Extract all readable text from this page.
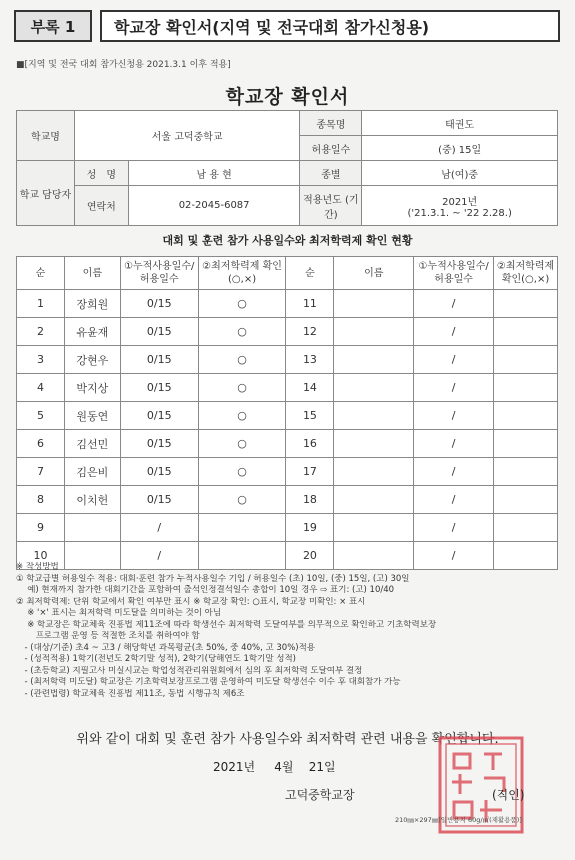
부록 1	학교장 확인서(지역 및 전국대회 참가신청용)
■[지역 및 전국 대회 참가신청용 2021.3.1 이후 적용]
학교장 확인서
학교명	서울 고덕중학교		종목명	태권도
			허용일수	(중) 15일
학교 담당자	성　명	남 용 현	종별	남(여)중
	연락처	02-2045-6087	적용년도 (기간)	2021년
('21.3.1. ~ '22 2.28.)
대회 및 훈련 참가 사용일수와 최저학력제 확인 현황
순	이름	①누적사용일수/ 허용일수	②최저학력제 확인(○,×)	순	이름	①누적사용일수/ 허용일수	②최저학력제 확인(○,×)
1	장희원	0/15	○	11		/	
2	유윤재	0/15	○	12		/	
3	강현우	0/15	○	13		/	
4	박지상	0/15	○	14		/	
5	원동연	0/15	○	15		/	
6	김선민	0/15	○	16		/	
7	김은비	0/15	○	17		/	
8	이치헌	0/15	○	18		/	
9		/		19		/	
10		/		20		/	
※ 작성방법
① 학교급별 허용일수 적용: 대회·훈련 참가 누적사용일수 기입 / 허용일수 (초) 10일, (중) 15일, (고) 30일
　 예) 현재까지 참가한 대회기간을 포함하여 출석인정결석일수 총합이 10일 경우 ⇨ 표기: (고) 10/40
② 최저학력제: 단위 학교에서 확인 여부만 표시 ※ 학교장 확인: ○표시, 학교장 미확인: × 표시
　 ※ '×' 표시는 최저학력 미도달을 의미하는 것이 아님
　 ※ 학교장은 학교체육 진흥법 제11조에 따라 학생선수 최저학력 도달여부를 의무적으로 확인하고 기초학력보장
　　 프로그램 운영 등 적절한 조치를 취하여야 함
　- (대상/기준) 초4 ~ 고3 / 해당학년 과목평균(초 50%, 중 40%, 고 30%)적용
　- (성적적용) 1학기(전년도 2학기말 성적), 2학기(당해연도 1학기말 성적)
　- (초등학교) 지필고사 미실시교는 학업성적관리위원회에서 심의 후 최저학력 도달여부 결정
　- (최저학력 미도달) 학교장은 기초학력보장프로그램 운영하여 미도달 학생선수 이수 후 대회참가 가능
　- (관련법령) 학교체육 진흥법 제11조, 동법 시행규칙 제6조
위와 같이 대회 및 훈련 참가 사용일수와 최저학력 관련 내용을 확인합니다.
2021년 4월 21일
고덕중학교장	(직인)
210㎜×297㎜[일반용지 60g/㎡(재활용품)]
